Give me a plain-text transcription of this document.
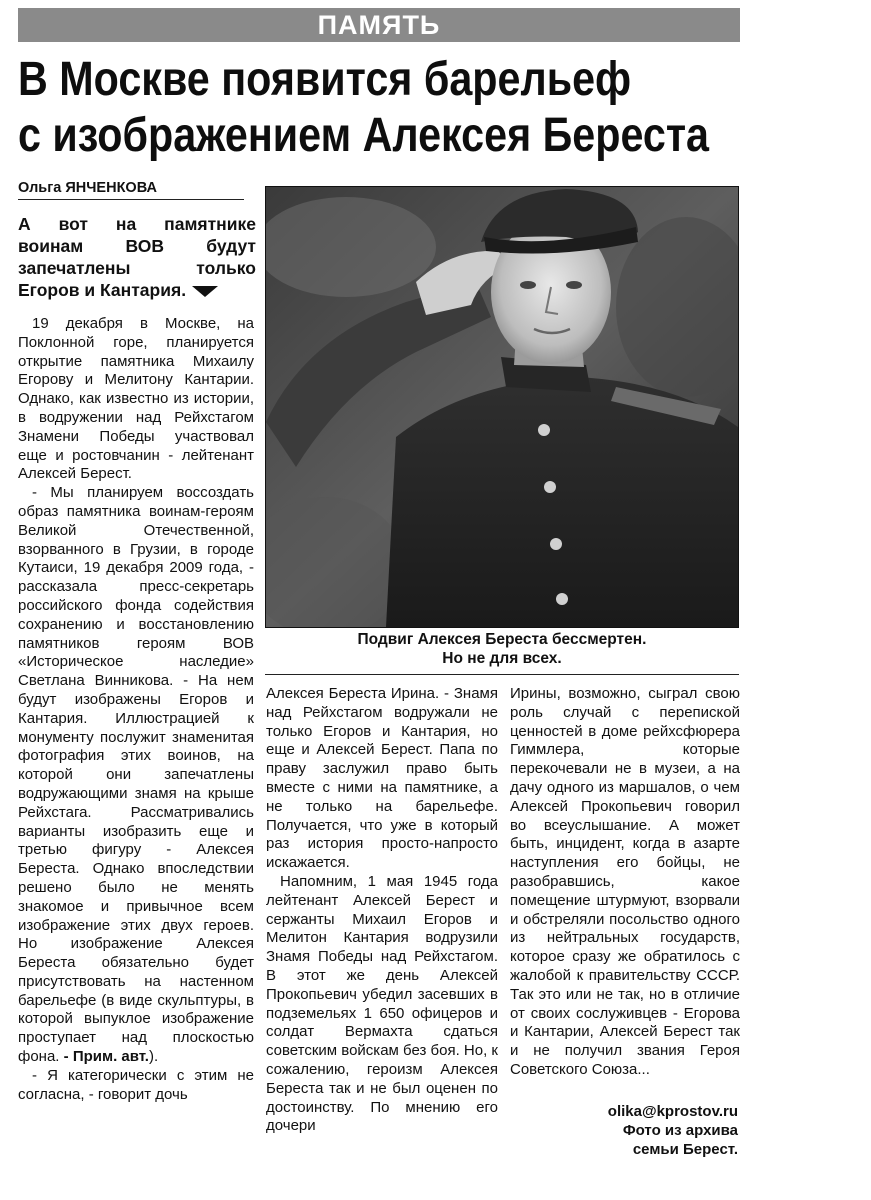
ПАМЯТЬ
В Москве появится барельеф
с изображением Алексея Береста
Ольга ЯНЧЕНКОВА
А вот на памятнике воинам ВОВ будут запечатлены только Егоров и Кантария.

19 декабря в Москве, на Поклонной горе, планируется открытие памятника Михаилу Егорову и Мелитону Кантарии. Однако, как известно из истории, в водружении над Рейхстагом Знамени Победы участвовал еще и ростовчанин - лейтенант Алексей Берест.

- Мы планируем воссоздать образ памятника воинам-героям Великой Отечественной, взорванного в Грузии, в городе Кутаиси, 19 декабря 2009 года, - рассказала пресс-секретарь российского фонда содействия сохранению и восстановлению памятников героям ВОВ «Историческое наследие» Светлана Винникова. - На нем будут изображены Егоров и Кантария. Иллюстрацией к монументу послужит знаменитая фотография этих воинов, на которой они запечатлены водружающими знамя на крыше Рейхстага. Рассматривались варианты изобразить еще и третью фигуру - Алексея Береста. Однако впоследствии решено было не менять знакомое и привычное всем изображение этих двух героев. Но изображение Алексея Береста обязательно будет присутствовать на настенном барельефе (в виде скульптуры, в которой выпуклое изображение проступает над плоскостью фона. - Прим. авт.).

- Я категорически с этим не согласна, - говорит дочь

Подвиг Алексея Береста бессмертен.
Но не для всех.

Алексея Береста Ирина. - Знамя над Рейхстагом водружали не только Егоров и Кантария, но еще и Алексей Берест. Папа по праву заслужил право быть вместе с ними на памятнике, а не только на барельефе. Получается, что уже в который раз история просто-напросто искажается.

Напомним, 1 мая 1945 года лейтенант Алексей Берест и сержанты Михаил Егоров и Мелитон Кантария водрузили Знамя Победы над Рейхстагом. В этот же день Алексей Прокопьевич убедил засевших в подземельях 1 650 офицеров и солдат Вермахта сдаться советским войскам без боя. Но, к сожалению, героизм Алексея Береста так и не был оценен по достоинству. По мнению его дочери

Ирины, возможно, сыграл свою роль случай с перепиской ценностей в доме рейхсфюрера Гиммлера, которые перекочевали не в музеи, а на дачу одного из маршалов, о чем Алексей Прокопьевич говорил во всеуслышание. А может быть, инцидент, когда в азарте наступления его бойцы, не разобравшись, какое помещение штурмуют, взорвали и обстреляли посольство одного из нейтральных государств, которое сразу же обратилось с жалобой к правительству СССР. Так это или не так, но в отличие от своих сослуживцев - Егорова и Кантарии, Алексей Берест так и не получил звания Героя Советского Союза...

olika@kprostov.ru
Фото из архива
семьи Берест.
